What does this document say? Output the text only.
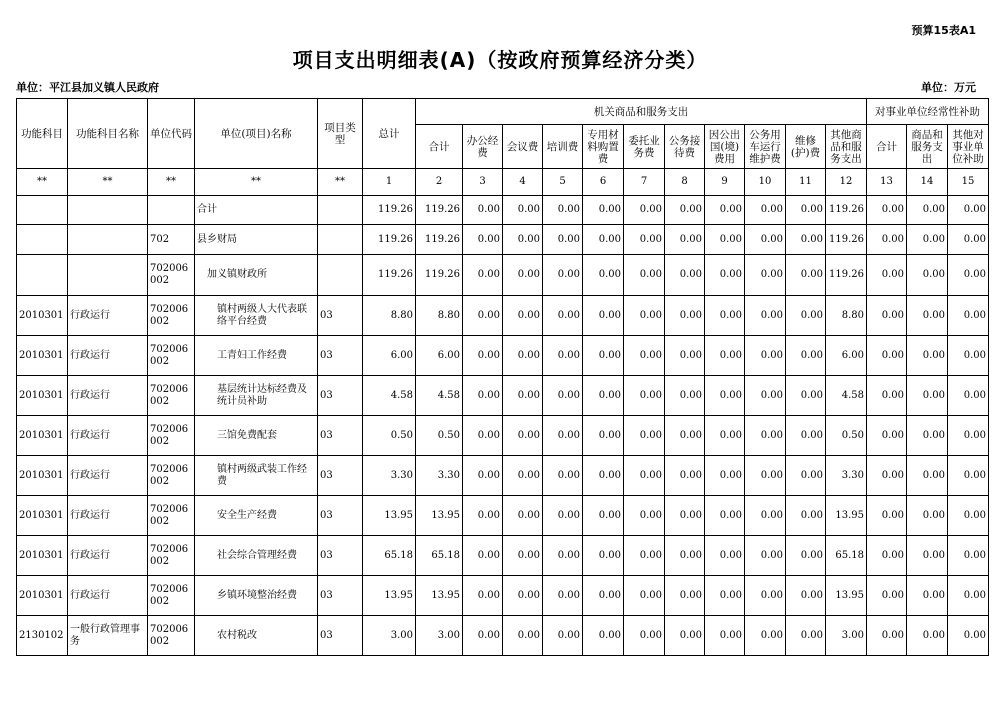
预算15表A1
项目支出明细表(A)（按政府预算经济分类）
单位：平江县加义镇人民政府	单位：万元
功能科目	功能科目名称	单位代码	单位(项目)名称	项目类型	总计	机关商品和服务支出											对事业单位经常性补助		
						合计	办公经费	会议费	培训费	专用材料购置费	委托业务费	公务接待费	因公出国(境)费用	公务用车运行维护费	维修(护)费	其他商品和服务支出	合计	商品和服务支出	其他对事业单位补助
**	**	**	**	**	1	2	3	4	5	6	7	8	9	10	11	12	13	14	15
			合计		119.26	119.26	0.00	0.00	0.00	0.00	0.00	0.00	0.00	0.00	0.00	119.26	0.00	0.00	0.00
		702	县乡财局		119.26	119.26	0.00	0.00	0.00	0.00	0.00	0.00	0.00	0.00	0.00	119.26	0.00	0.00	0.00
		702006 002	加义镇财政所		119.26	119.26	0.00	0.00	0.00	0.00	0.00	0.00	0.00	0.00	0.00	119.26	0.00	0.00	0.00
2010301	行政运行	702006 002	镇村两级人大代表联络平台经费	03	8.80	8.80	0.00	0.00	0.00	0.00	0.00	0.00	0.00	0.00	0.00	8.80	0.00	0.00	0.00
2010301	行政运行	702006 002	工青妇工作经费	03	6.00	6.00	0.00	0.00	0.00	0.00	0.00	0.00	0.00	0.00	0.00	6.00	0.00	0.00	0.00
2010301	行政运行	702006 002	基层统计达标经费及统计员补助	03	4.58	4.58	0.00	0.00	0.00	0.00	0.00	0.00	0.00	0.00	0.00	4.58	0.00	0.00	0.00
2010301	行政运行	702006 002	三馆免费配套	03	0.50	0.50	0.00	0.00	0.00	0.00	0.00	0.00	0.00	0.00	0.00	0.50	0.00	0.00	0.00
2010301	行政运行	702006 002	镇村两级武装工作经费	03	3.30	3.30	0.00	0.00	0.00	0.00	0.00	0.00	0.00	0.00	0.00	3.30	0.00	0.00	0.00
2010301	行政运行	702006 002	安全生产经费	03	13.95	13.95	0.00	0.00	0.00	0.00	0.00	0.00	0.00	0.00	0.00	13.95	0.00	0.00	0.00
2010301	行政运行	702006 002	社会综合管理经费	03	65.18	65.18	0.00	0.00	0.00	0.00	0.00	0.00	0.00	0.00	0.00	65.18	0.00	0.00	0.00
2010301	行政运行	702006 002	乡镇环境整治经费	03	13.95	13.95	0.00	0.00	0.00	0.00	0.00	0.00	0.00	0.00	0.00	13.95	0.00	0.00	0.00
2130102	一般行政管理事务	702006 002	农村税改	03	3.00	3.00	0.00	0.00	0.00	0.00	0.00	0.00	0.00	0.00	0.00	3.00	0.00	0.00	0.00
